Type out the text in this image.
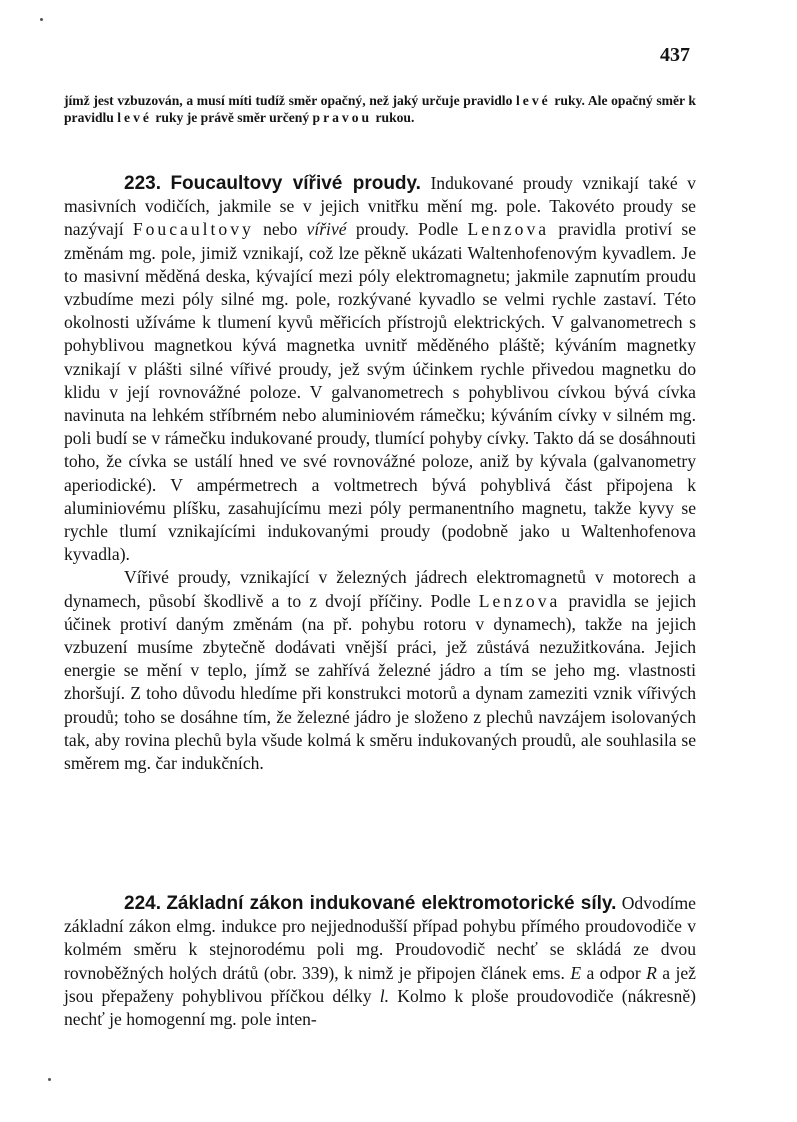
437

jímž jest vzbuzován, a musí míti tudíž směr opačný, než jaký určuje pravidlo levé ruky. Ale opačný směr k pravidlu levé ruky je právě směr určený pravou rukou.

223. Foucaultovy vířivé proudy. Indukované proudy vznikají také v masivních vodičích, jakmile se v jejich vnitřku mění mg. pole. Takovéto proudy se nazývají Foucaultovy nebo vířivé proudy. Podle Lenzova pravidla protiví se změnám mg. pole, jimiž vznikají, což lze pěkně ukázati Waltenhofenovým kyvadlem. Je to masivní měděná deska, kývající mezi póly elektromagnetu; jakmile zapnutím proudu vzbudíme mezi póly silné mg. pole, rozkývané kyvadlo se velmi rychle zastaví. Této okolnosti užíváme k tlumení kyvů měřicích přístrojů elektrických. V galvanometrech s pohyblivou magnetkou kývá magnetka uvnitř měděného pláště; kýváním magnetky vznikají v plášti silné vířivé proudy, jež svým účinkem rychle přivedou magnetku do klidu v její rovnovážné poloze. V galvanometrech s pohyblivou cívkou bývá cívka navinuta na lehkém stříbrném nebo aluminiovém rámečku; kýváním cívky v silném mg. poli budí se v rámečku indukované proudy, tlumící pohyby cívky. Takto dá se dosáhnouti toho, že cívka se ustálí hned ve své rovnovážné poloze, aniž by kývala (galvanometry aperiodické). V ampérmetrech a voltmetrech bývá pohyblivá část připojena k aluminiovému plíšku, zasahujícímu mezi póly permanentního magnetu, takže kyvy se rychle tlumí vznikajícími indukovanými proudy (podobně jako u Waltenhofenova kyvadla).

Vířivé proudy, vznikající v železných jádrech elektromagnetů v motorech a dynamech, působí škodlivě a to z dvojí příčiny. Podle Lenzova pravidla se jejich účinek protiví daným změnám (na př. pohybu rotoru v dynamech), takže na jejich vzbuzení musíme zbytečně dodávati vnější práci, jež zůstává nezužitkována. Jejich energie se mění v teplo, jímž se zahřívá železné jádro a tím se jeho mg. vlastnosti zhoršují. Z toho důvodu hledíme při konstrukci motorů a dynam zameziti vznik vířivých proudů; toho se dosáhne tím, že železné jádro je složeno z plechů navzájem isolovaných tak, aby rovina plechů byla všude kolmá k směru indukovaných proudů, ale souhlasila se směrem mg. čar indukčních.

224. Základní zákon indukované elektromotorické síly. Odvodíme základní zákon elmg. indukce pro nejjednodušší případ pohybu přímého proudovodiče v kolmém směru k stejnorodému poli mg. Proudovodič nechť se skládá ze dvou rovnoběžných holých drátů (obr. 339), k nimž je připojen článek ems. E a odpor R a jež jsou přepaženy pohyblivou příčkou délky l. Kolmo k ploše proudovodiče (nákresně) nechť je homogenní mg. pole inten-
